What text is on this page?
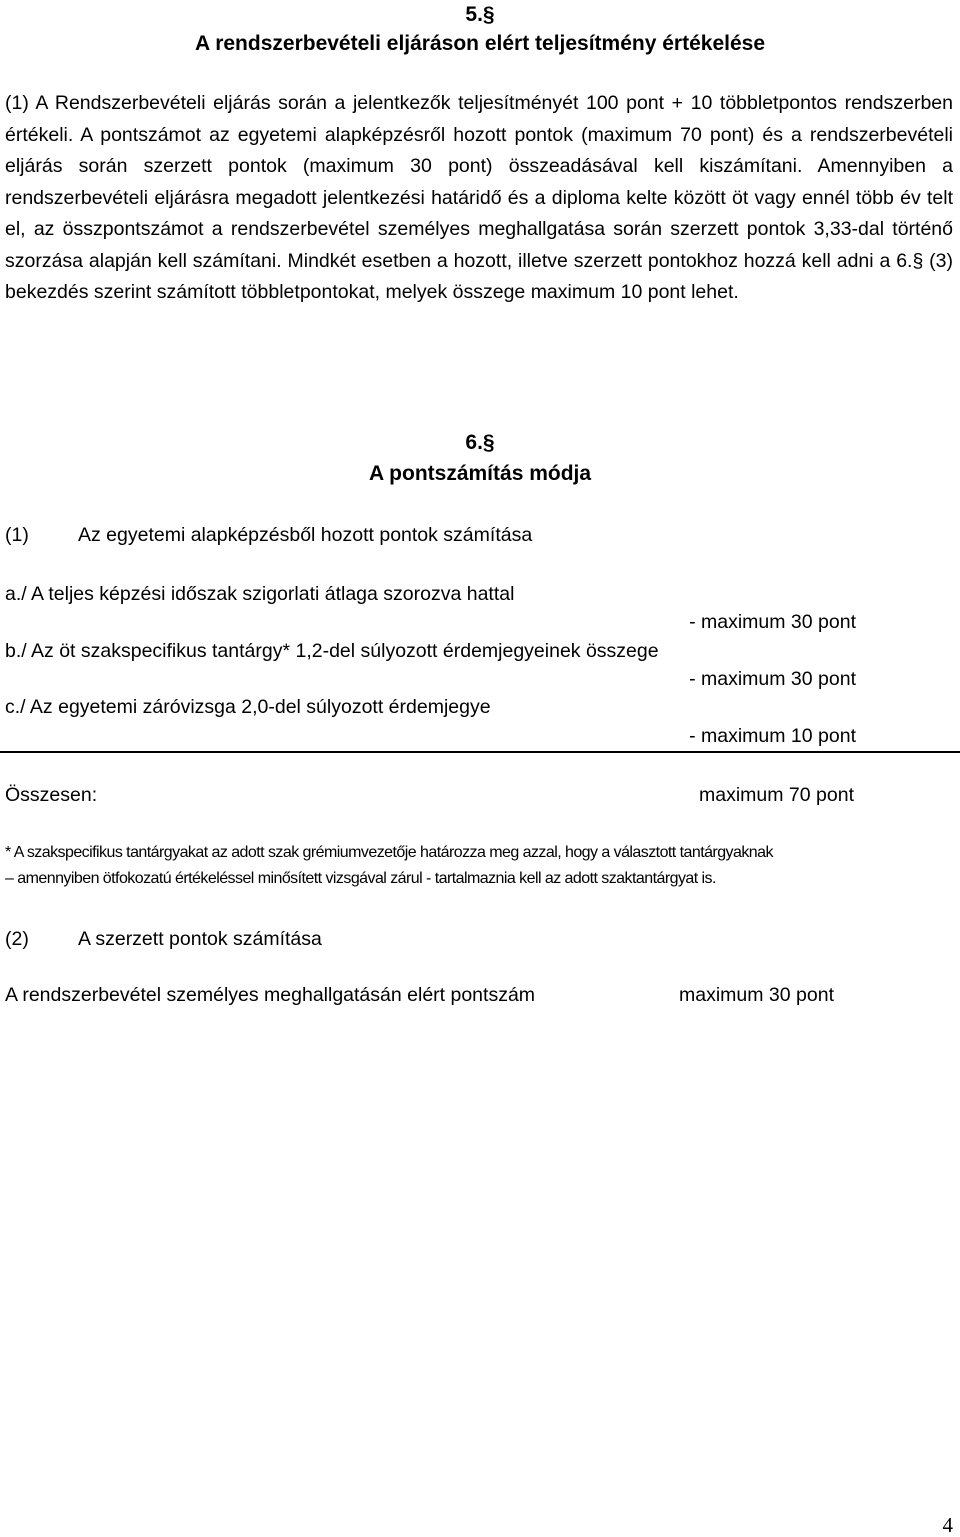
5.§
A rendszerbevételi eljáráson elért teljesítmény értékelése
(1) A Rendszerbevételi eljárás során a jelentkezők teljesítményét 100 pont + 10 többletpontos rendszerben értékeli. A pontszámot az egyetemi alapképzésről hozott pontok (maximum 70 pont) és a rendszerbevételi eljárás során szerzett pontok (maximum 30 pont) összeadásával kell kiszámítani. Amennyiben a rendszerbevételi eljárásra megadott jelentkezési határidő és a diploma kelte között öt vagy ennél több év telt el, az összpontszámot a rendszerbevétel személyes meghallgatása során szerzett pontok 3,33-dal történő szorzása alapján kell számítani. Mindkét esetben a hozott, illetve szerzett pontokhoz hozzá kell adni a 6.§ (3) bekezdés szerint számított többletpontokat, melyek összege maximum 10 pont lehet.
6.§
A pontszámítás módja
(1)	Az egyetemi alapképzésből hozott pontok számítása
a./ A teljes képzési időszak szigorlati átlaga szorozva hattal
- maximum 30 pont
b./ Az öt szakspecifikus tantárgy* 1,2-del súlyozott érdemjegyeinek összege
- maximum 30 pont
c./ Az egyetemi záróvizsga 2,0-del súlyozott érdemjegye
- maximum 10 pont
Összesen:	maximum 70 pont
* A szakspecifikus tantárgyakat az adott szak grémiumvezetője határozza meg azzal, hogy a választott tantárgyaknak
– amennyiben ötfokozatú értékeléssel minősített vizsgával zárul - tartalmaznia kell az adott szaktantárgyat is.
(2)	A szerzett pontok számítása
A rendszerbevétel személyes meghallgatásán elért pontszám	maximum 30 pont
4
